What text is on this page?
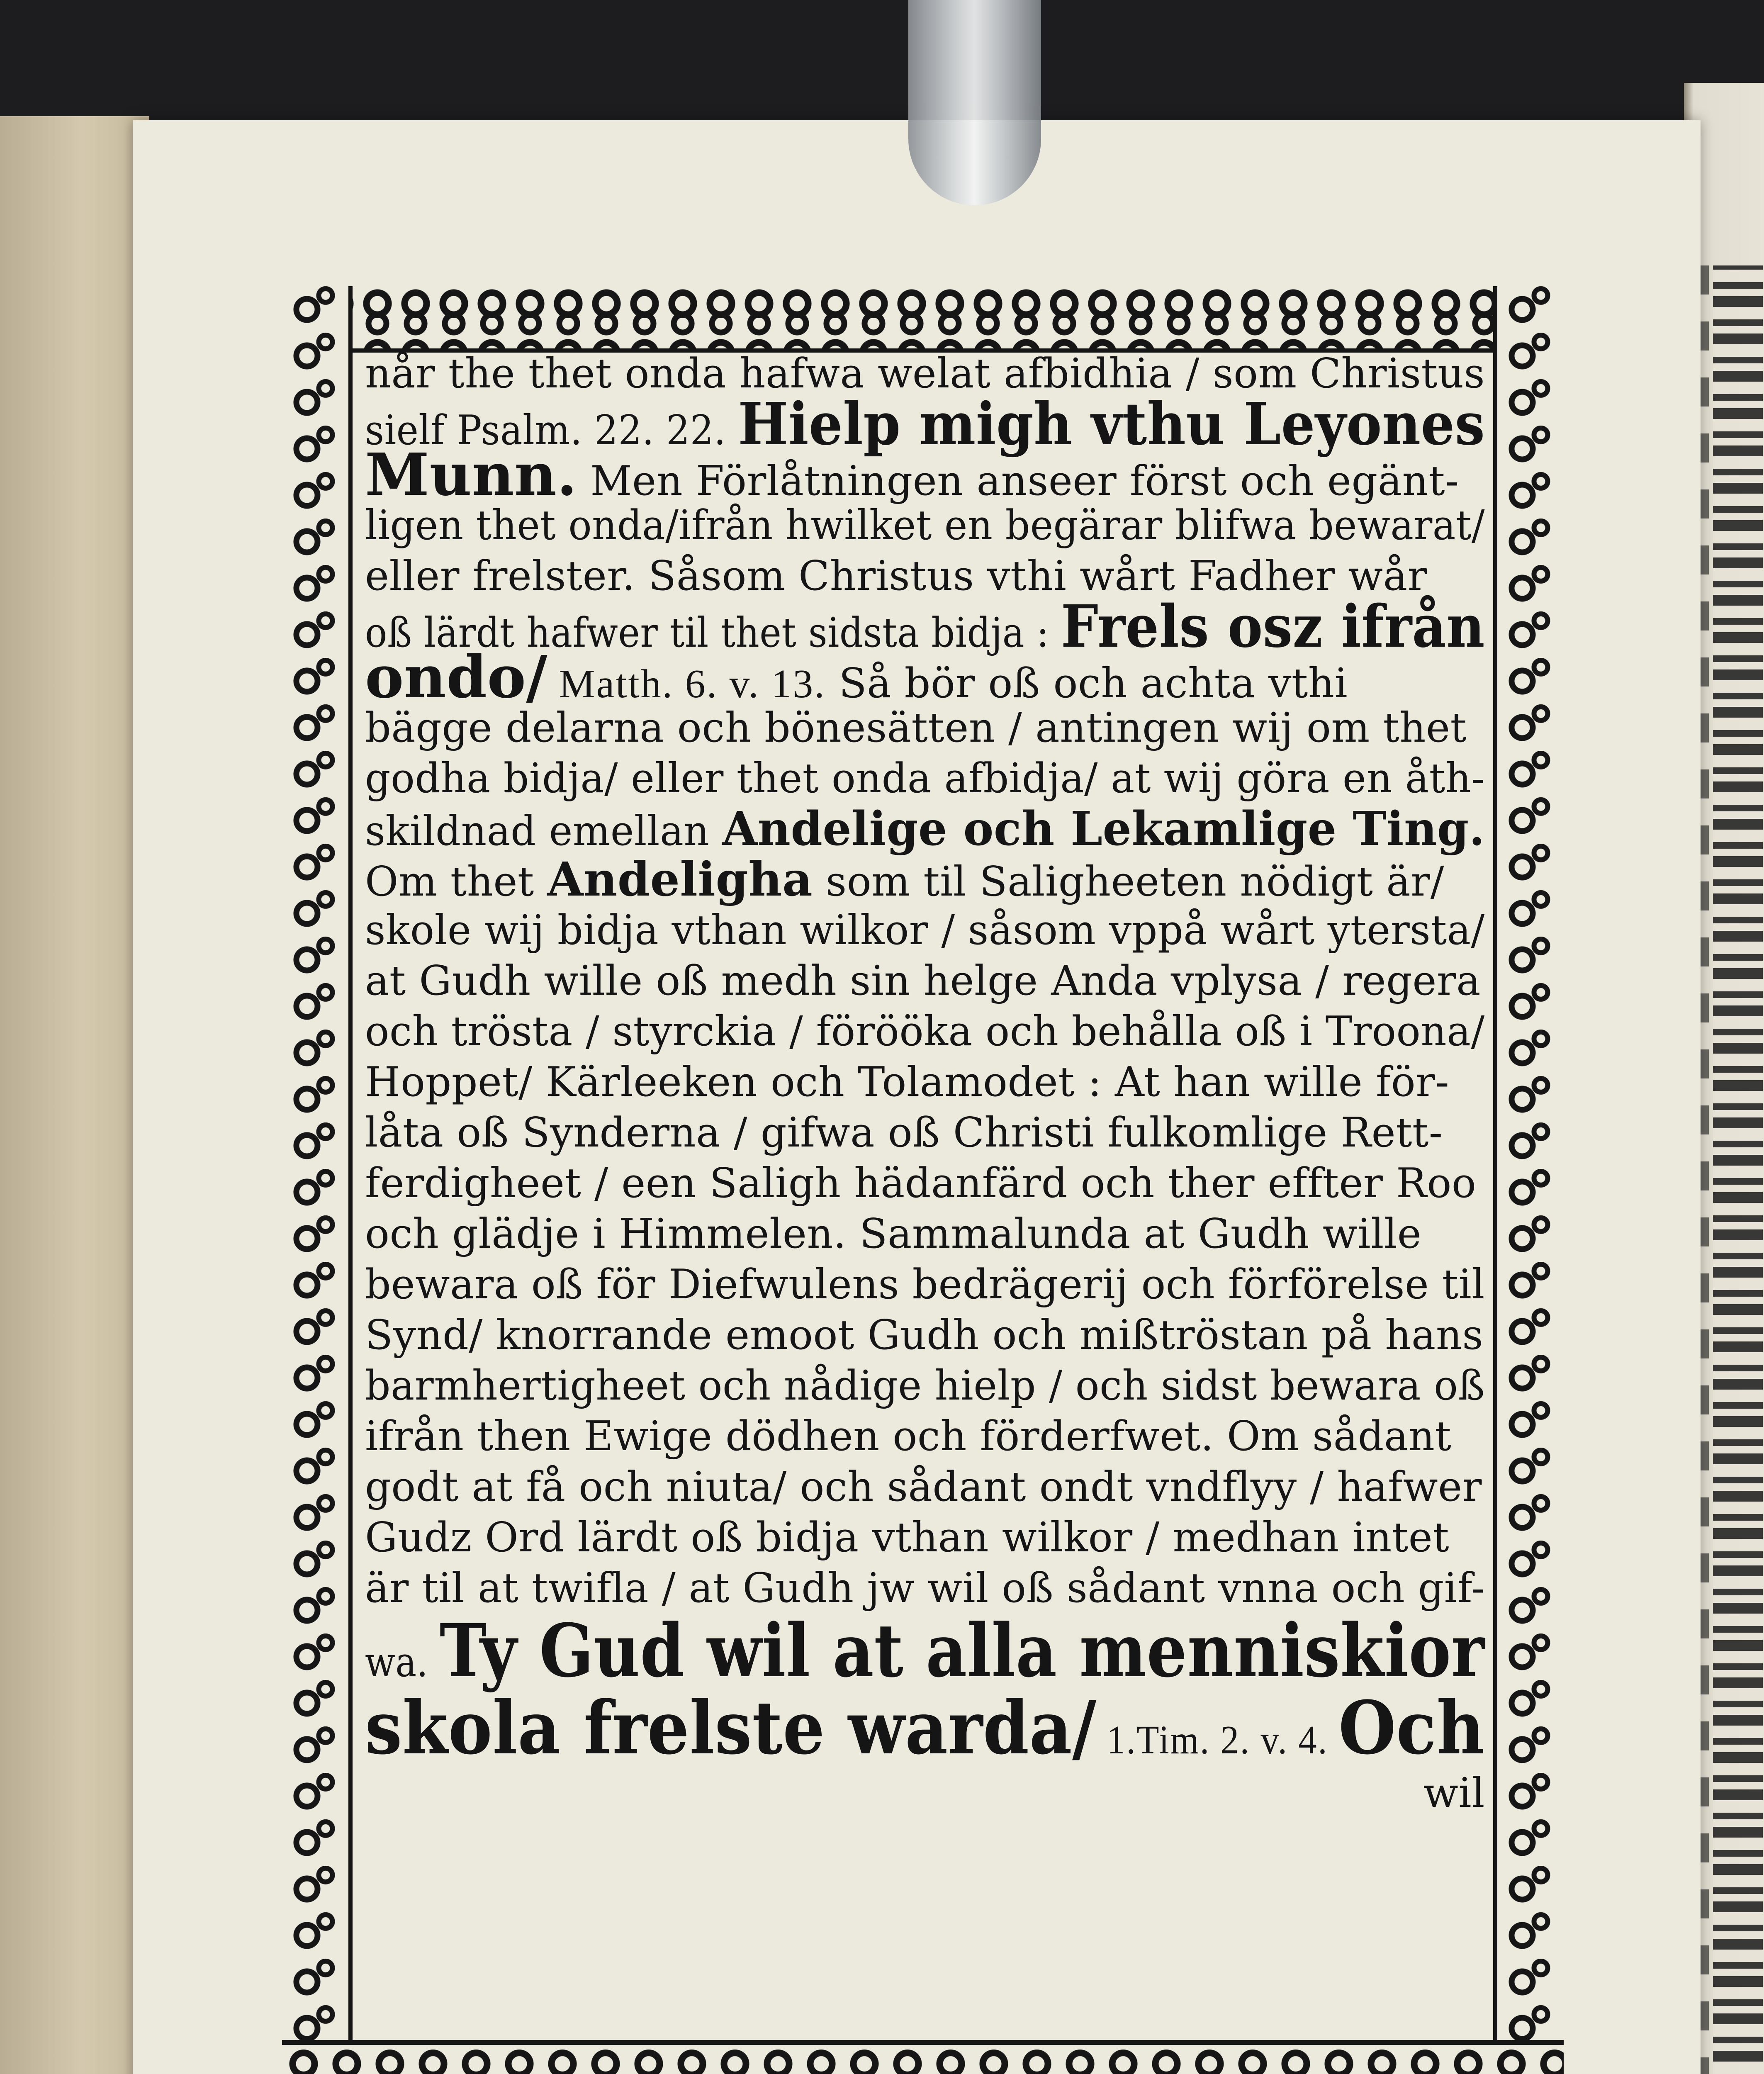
når the thet onda hafwa welat afbidhia / som Christus
sielf Psalm. 22. 22. Hielp migh vthu Leyones
Munn. Men Förlåtningen anseer först och egänt-
ligen thet onda/ifrån hwilket en begärar blifwa bewarat/
eller frelster. Såsom Christus vthi wårt Fadher wår
oß lärdt hafwer til thet sidsta bidja : Frels osz ifrån
ondo/ Matth. 6. v. 13. Så bör oß och achta vthi
bägge delarna och bönesätten / antingen wij om thet
godha bidja/ eller thet onda afbidja/ at wij göra en åth-
skildnad emellan Andelige och Lekamlige Ting.
Om thet Andeligha som til Saligheeten nödigt är/
skole wij bidja vthan wilkor / såsom vppå wårt ytersta/
at Gudh wille oß medh sin helge Anda vplysa / regera
och trösta / styrckia / förööka och behålla oß i Troona/
Hoppet/ Kärleeken och Tolamodet : At han wille för-
låta oß Synderna / gifwa oß Christi fulkomlige Rett-
ferdigheet / een Saligh hädanfärd och ther effter Roo
och glädje i Himmelen. Sammalunda at Gudh wille
bewara oß för Diefwulens bedrägerij och förförelse til
Synd/ knorrande emoot Gudh och mißtröstan på hans
barmhertigheet och nådige hielp / och sidst bewara oß
ifrån then Ewige dödhen och förderfwet. Om sådant
godt at få och niuta/ och sådant ondt vndflyy / hafwer
Gudz Ord lärdt oß bidja vthan wilkor / medhan intet
är til at twifla / at Gudh jw wil oß sådant vnna och gif-
wa. Ty Gud wil at alla menniskior
skola frelste warda/ 1.Tim. 2. v. 4. Och
wil
